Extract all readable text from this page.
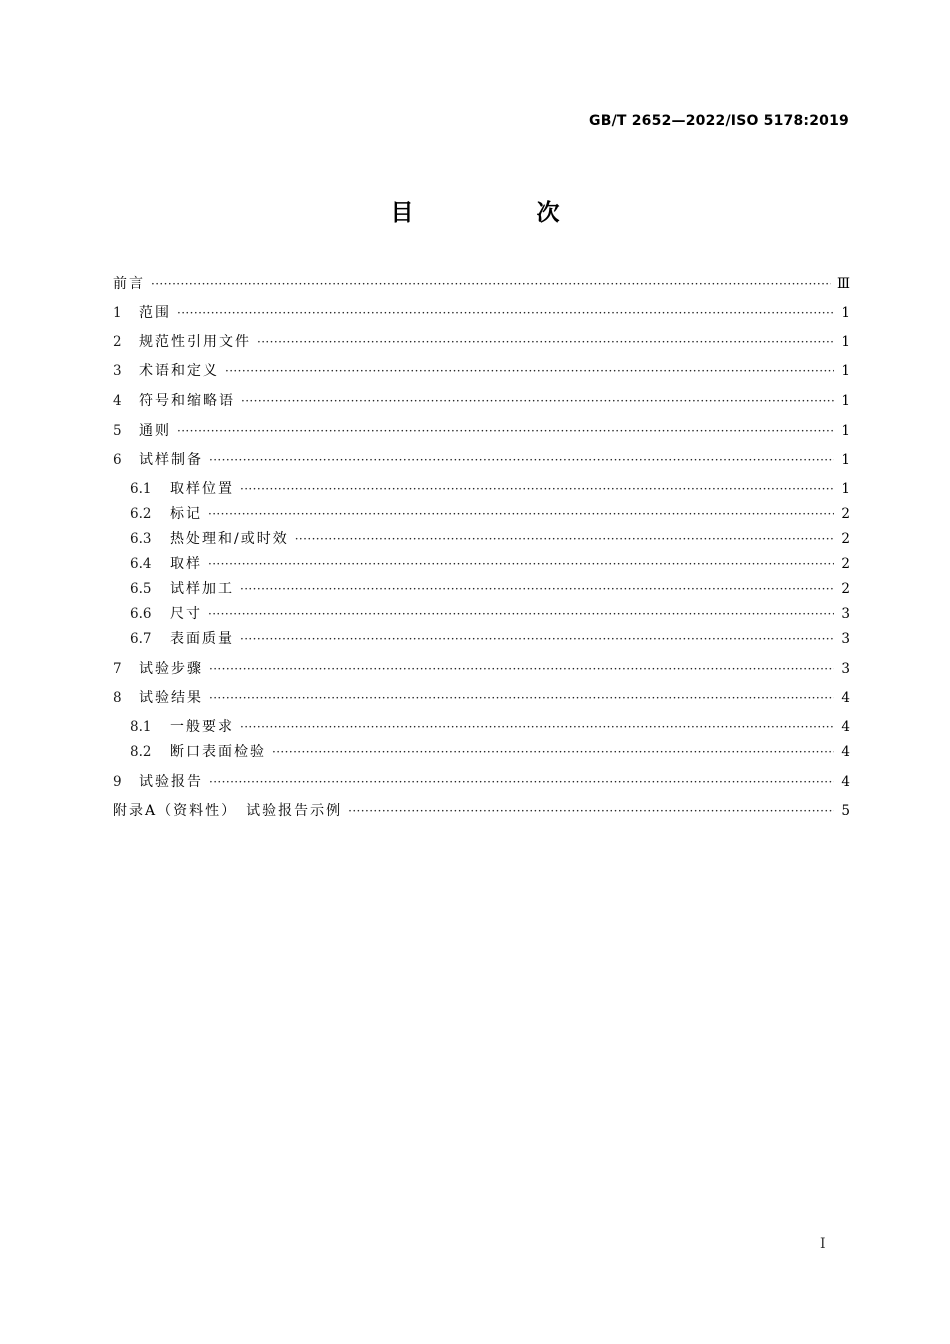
GB/T 2652—2022/ISO 5178:2019
目　次
前言 ·····	Ⅲ
1	范围 ·····	1
2	规范性引用文件 ·····	1
3	术语和定义 ·····	1
4	符号和缩略语 ·····	1
5	通则 ·····	1
6	试样制备 ·····	1
6.1	取样位置 ·····	1
6.2	标记 ·····	2
6.3	热处理和/或时效 ·····	2
6.4	取样 ·····	2
6.5	试样加工 ·····	2
6.6	尺寸 ·····	3
6.7	表面质量 ·····	3
7	试验步骤 ·····	3
8	试验结果 ·····	4
8.1	一般要求 ·····	4
8.2	断口表面检验 ·····	4
9	试验报告 ·····	4
附录A（资料性）　试验报告示例 ·····	5
Ⅰ
